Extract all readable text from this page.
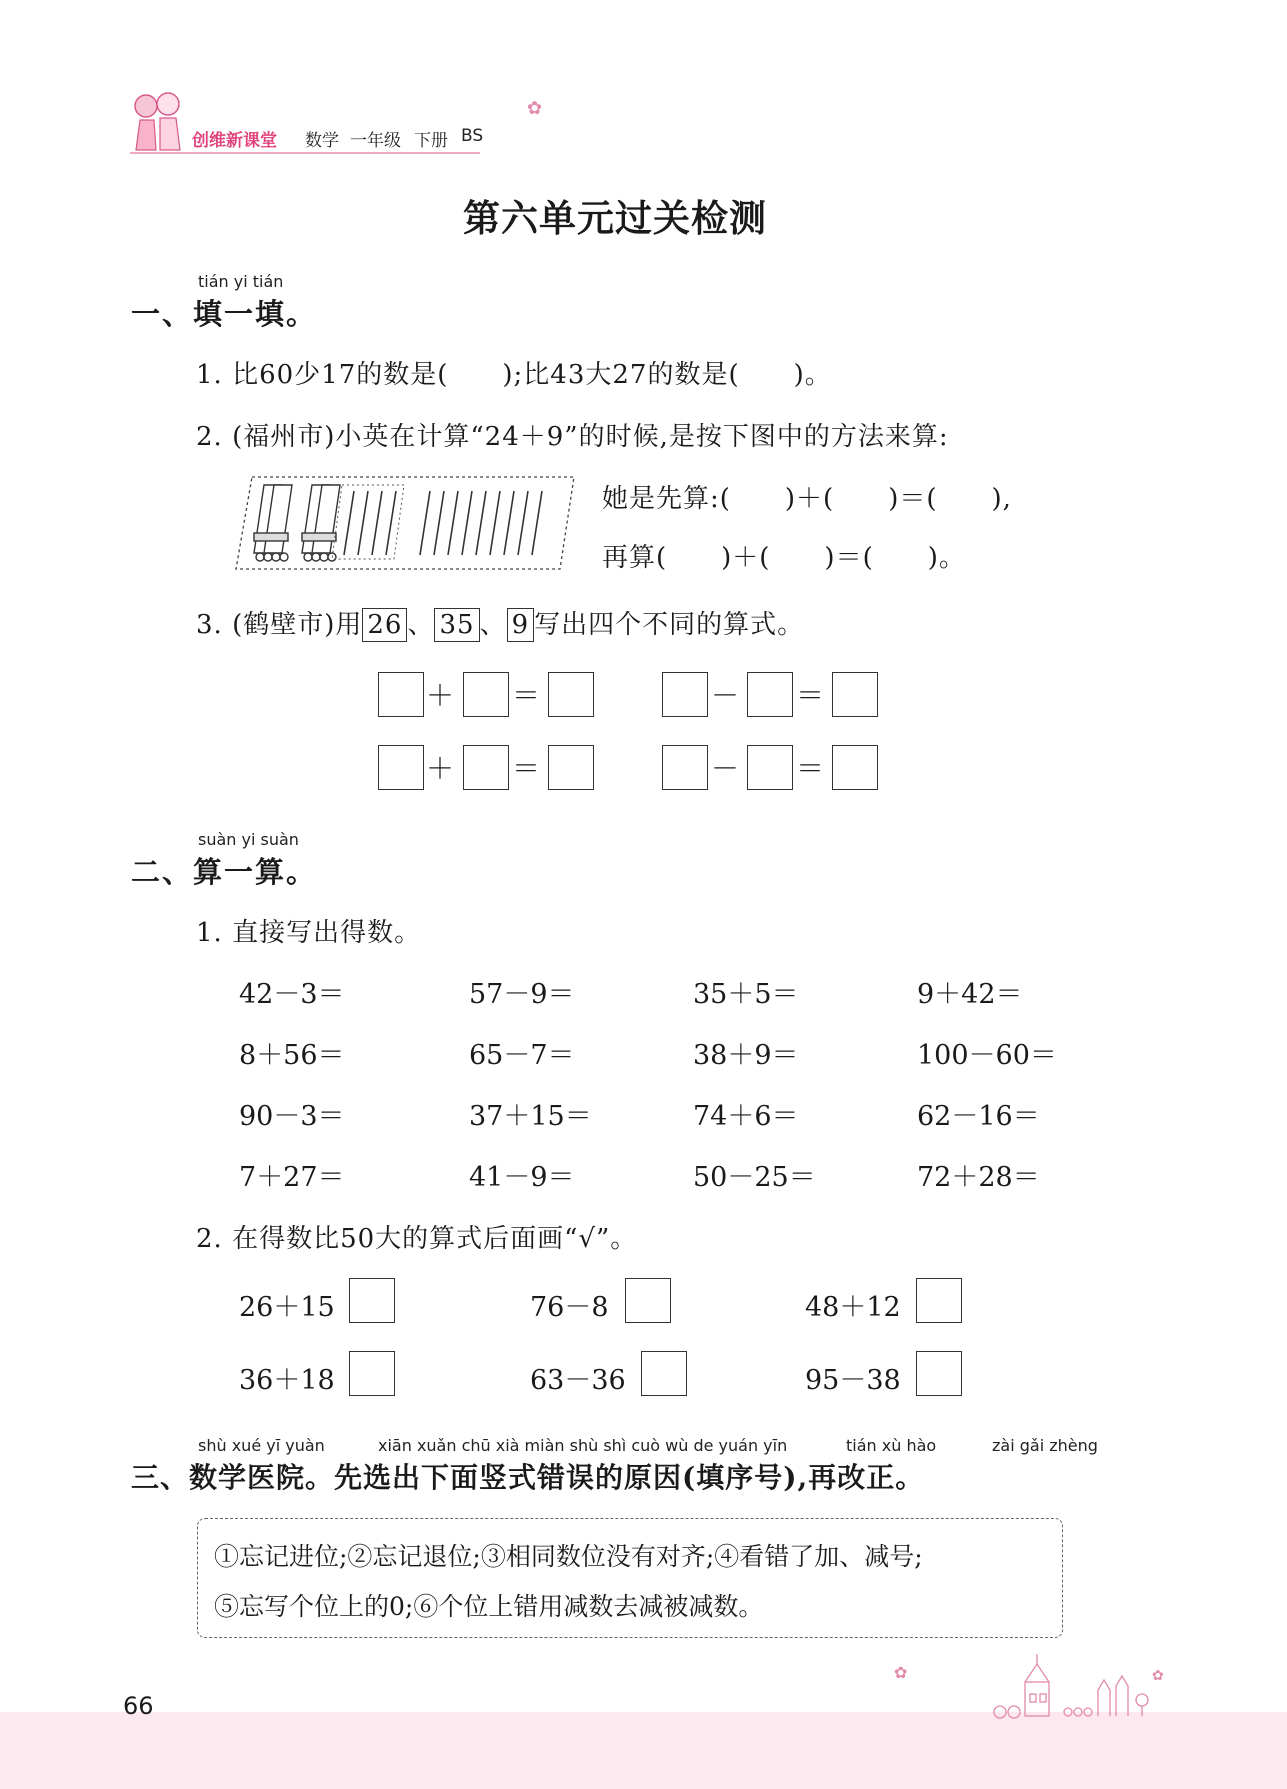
创维新课堂 数学 一年级 下册 BS
✿
第六单元过关检测
tián yi tián
一、填一填。
1. 比60少17的数是(　　);比43大27的数是(　　)。
2. (福州市)小英在计算“24＋9”的时候,是按下图中的方法来算:
她是先算:(　　)＋(　　)＝(　　),
再算(　　)＋(　　)＝(　　)。
3. (鹤壁市)用 26 、 35 、 9 写出四个不同的算式。
＋ ＝	－ ＝
＋ ＝	－ ＝
suàn yi suàn
二、算一算。
1. 直接写出得数。
42－3＝	57－9＝	35＋5＝	9＋42＝
8＋56＝	65－7＝	38＋9＝	100－60＝
90－3＝	37＋15＝	74＋6＝	62－16＝
7＋27＝	41－9＝	50－25＝	72＋28＝
2. 在得数比50大的算式后面画“√”。
26＋15	76－8	48＋12
36＋18	63－36	95－38
shù xué yī yuàn	xiān xuǎn chū xià miàn shù shì cuò wù de yuán yīn	tián xù hào	zài gǎi zhèng
三、数学医院。先选出下面竖式错误的原因(填序号),再改正。
①忘记进位;②忘记退位;③相同数位没有对齐;④看错了加、减号;
⑤忘写个位上的0;⑥个位上错用减数去减被减数。
66
✿	✿
